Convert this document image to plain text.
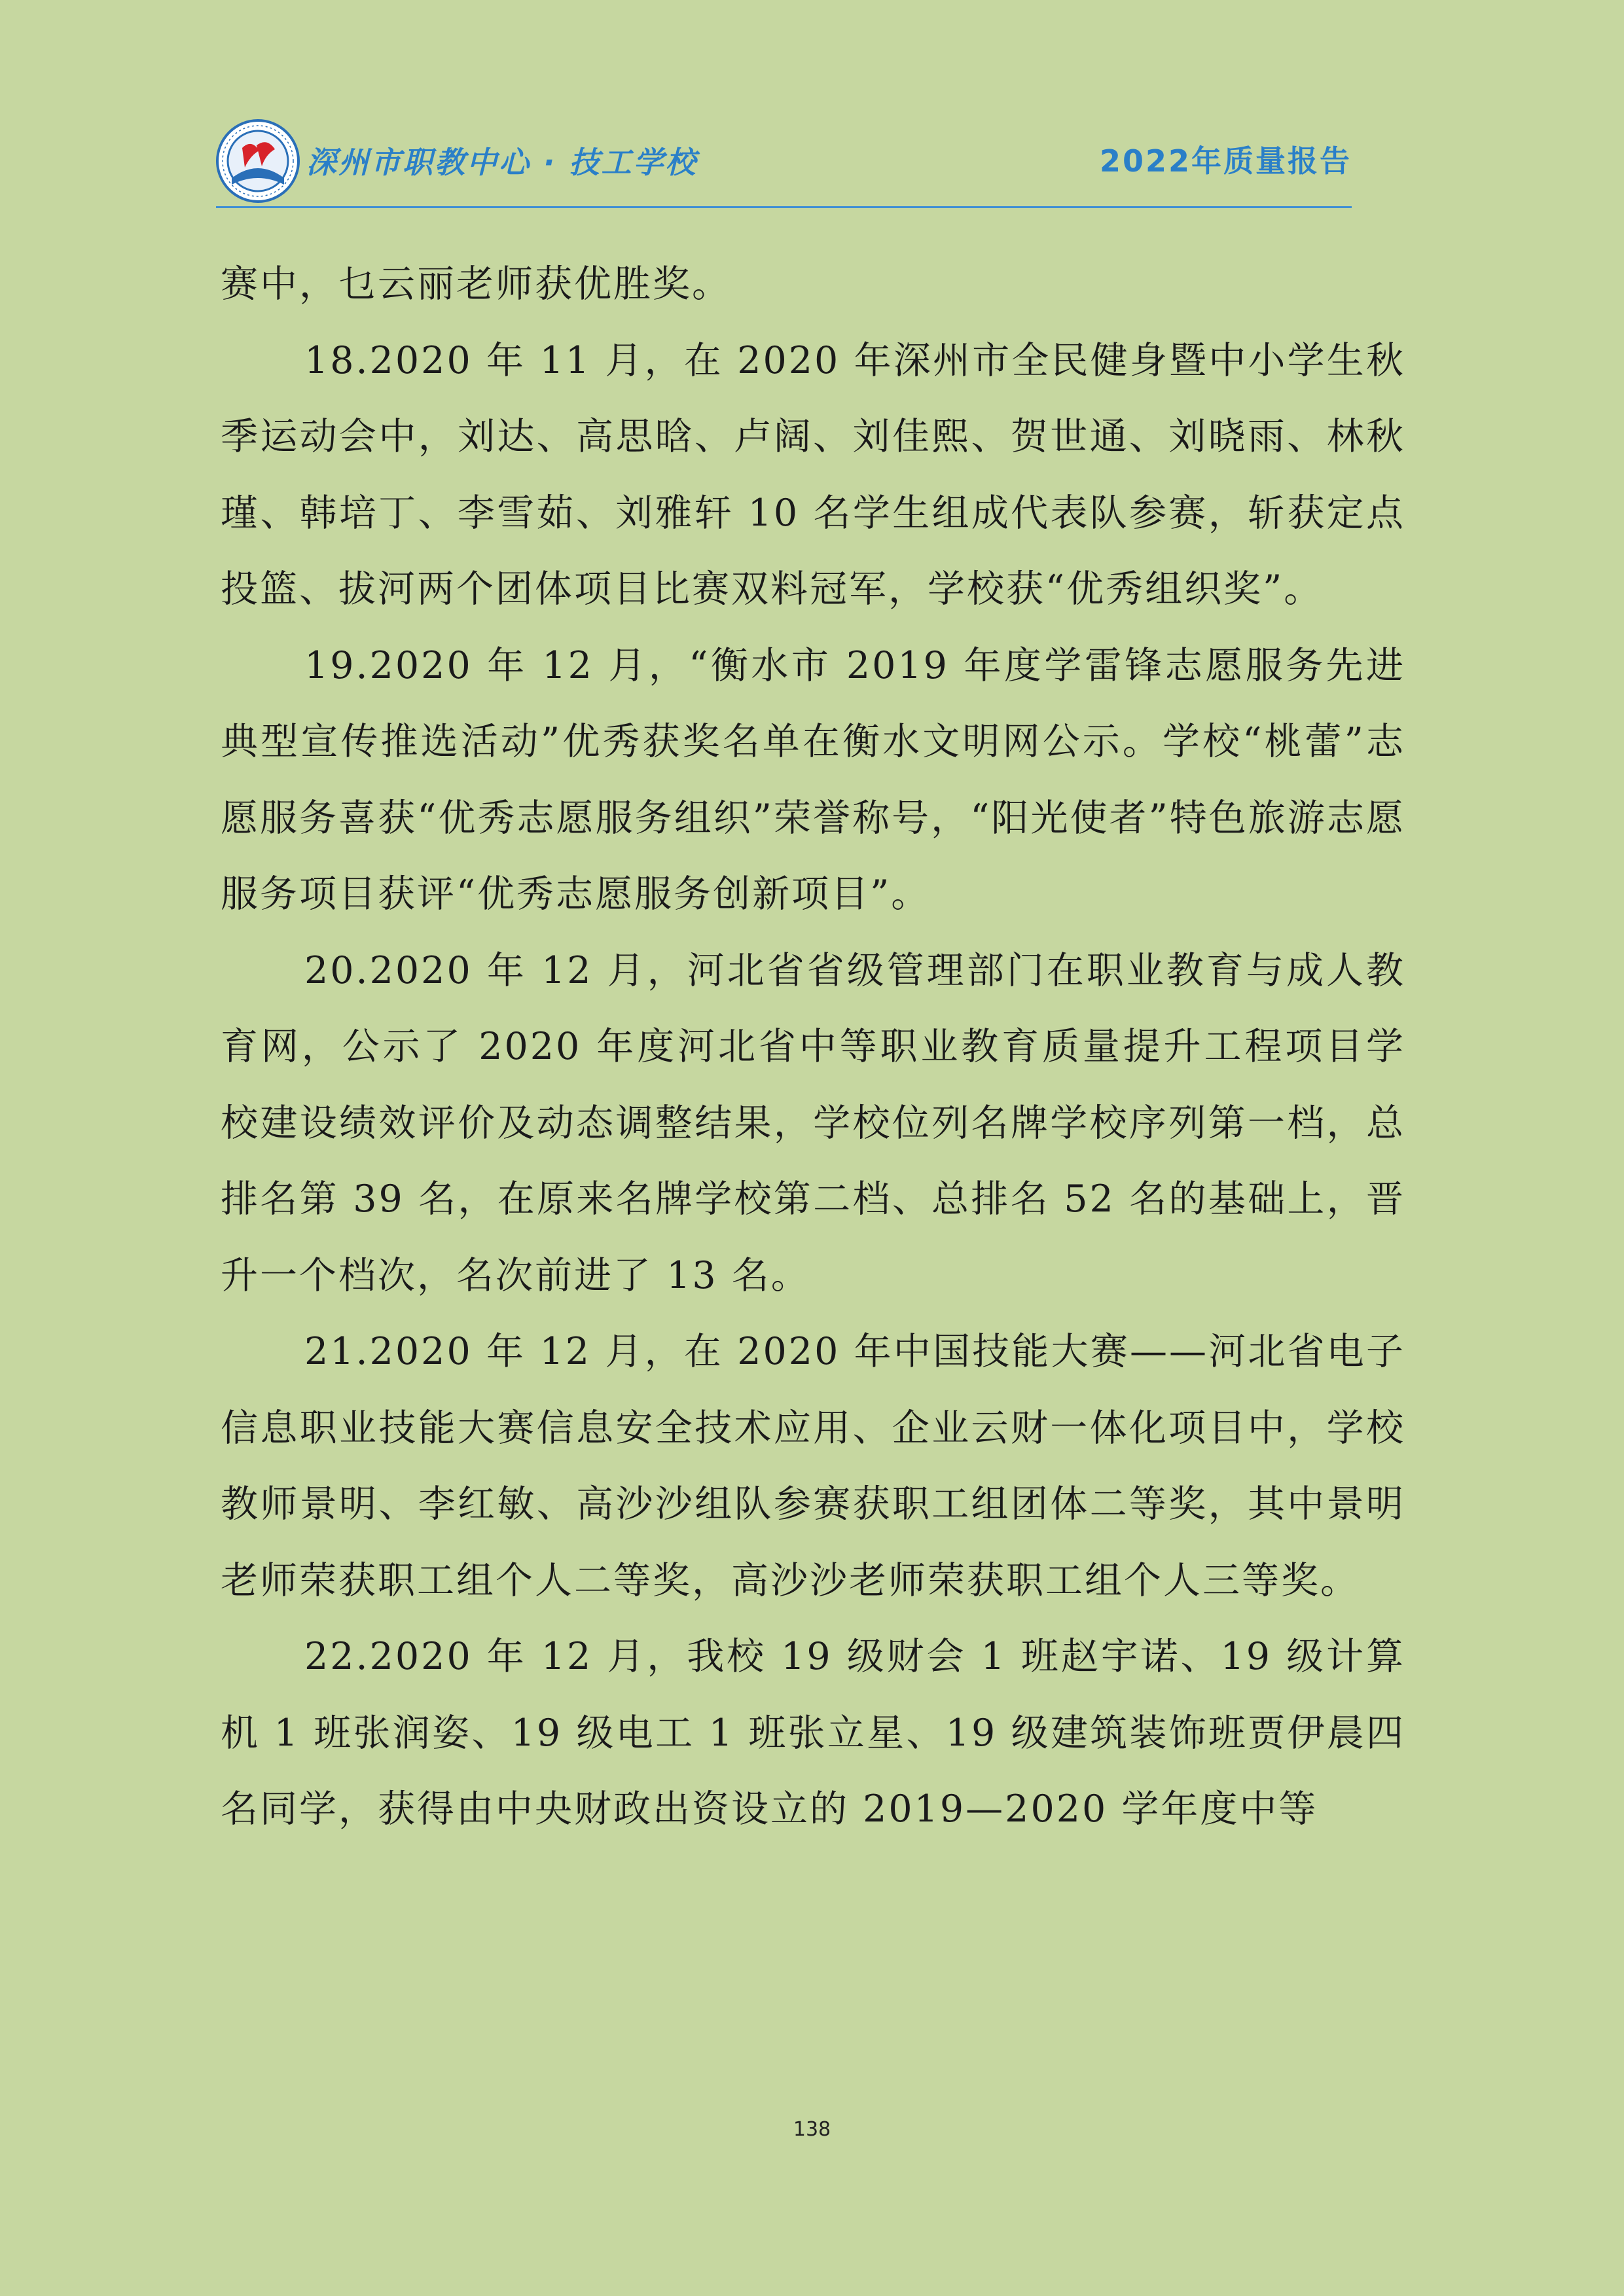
深州市职教中心 · 技工学校	2022年质量报告

赛中，乜云丽老师获优胜奖。

18.2020 年 11 月，在 2020 年深州市全民健身暨中小学生秋季运动会中，刘达、高思晗、卢阔、刘佳熙、贺世通、刘晓雨、林秋瑾、韩培丁、李雪茹、刘雅轩 10 名学生组成代表队参赛，斩获定点投篮、拔河两个团体项目比赛双料冠军，学校获“优秀组织奖”。

19.2020 年 12 月，“衡水市 2019 年度学雷锋志愿服务先进典型宣传推选活动”优秀获奖名单在衡水文明网公示。学校“桃蕾”志愿服务喜获“优秀志愿服务组织”荣誉称号，“阳光使者”特色旅游志愿服务项目获评“优秀志愿服务创新项目”。

20.2020 年 12 月，河北省省级管理部门在职业教育与成人教育网，公示了 2020 年度河北省中等职业教育质量提升工程项目学校建设绩效评价及动态调整结果，学校位列名牌学校序列第一档，总排名第 39 名，在原来名牌学校第二档、总排名 52 名的基础上，晋升一个档次，名次前进了 13 名。

21.2020 年 12 月，在 2020 年中国技能大赛——河北省电子信息职业技能大赛信息安全技术应用、企业云财一体化项目中，学校教师景明、李红敏、高沙沙组队参赛获职工组团体二等奖，其中景明老师荣获职工组个人二等奖，高沙沙老师荣获职工组个人三等奖。

22.2020 年 12 月，我校 19 级财会 1 班赵宇诺、19 级计算机 1 班张润姿、19 级电工 1 班张立星、19 级建筑装饰班贾伊晨四名同学，获得由中央财政出资设立的 2019—2020 学年度中等

138
